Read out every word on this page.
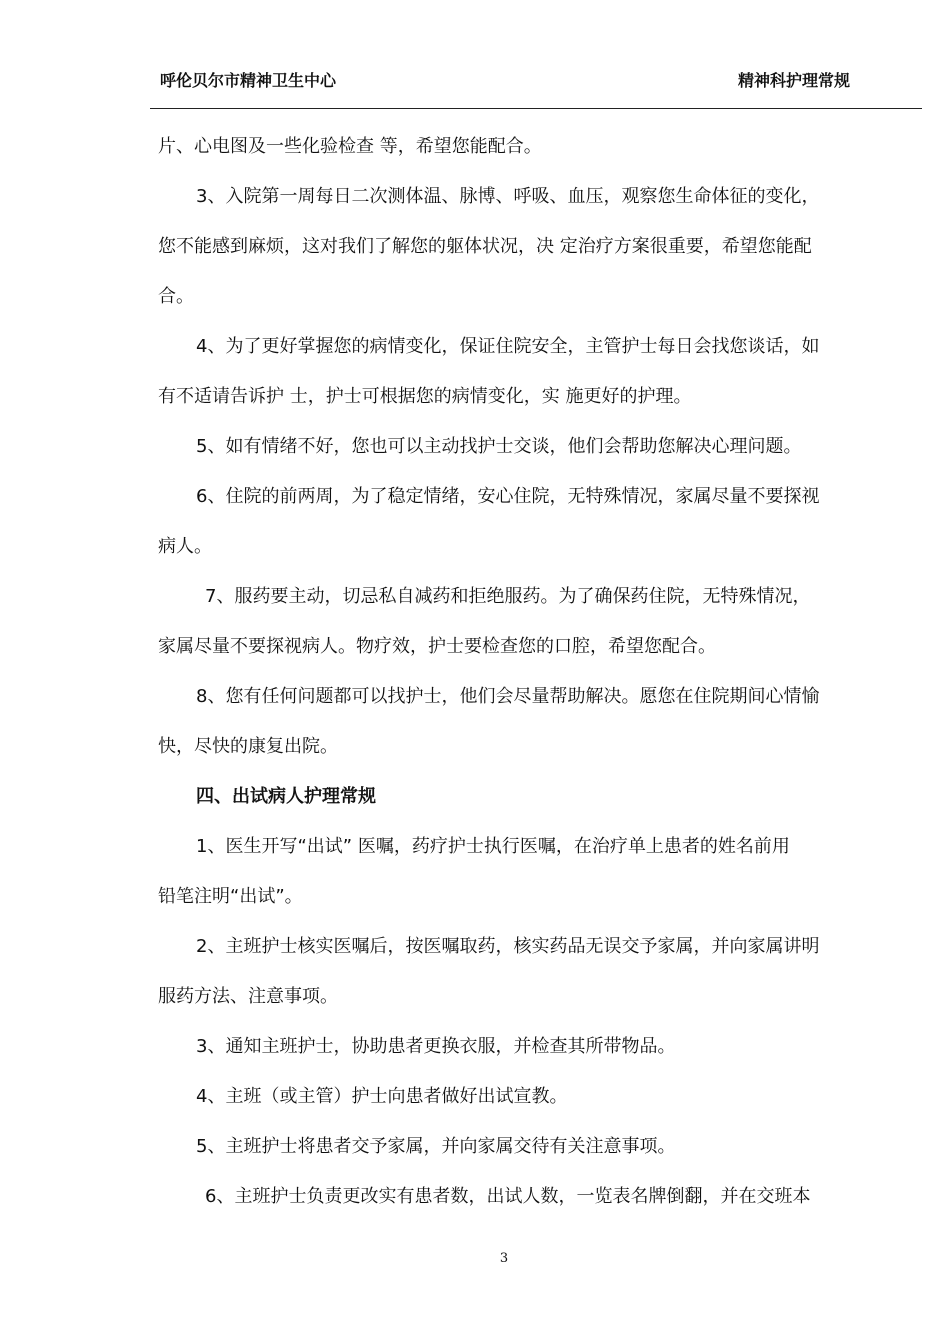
呼伦贝尔市精神卫生中心	精神科护理常规
片、心电图及一些化验检查 等，希望您能配合。
3、入院第一周每日二次测体温、脉博、呼吸、血压，观察您生命体征的变化，
您不能感到麻烦，这对我们了解您的躯体状况，决 定治疗方案很重要，希望您能配
合。
4、为了更好掌握您的病情变化，保证住院安全，主管护士每日会找您谈话，如
有不适请告诉护 士，护士可根据您的病情变化，实 施更好的护理。
5、如有情绪不好，您也可以主动找护士交谈，他们会帮助您解决心理问题。
6、住院的前两周，为了稳定情绪，安心住院，无特殊情况，家属尽量不要探视
病人。
7、服药要主动，切忌私自减药和拒绝服药。为了确保药住院，无特殊情况，
家属尽量不要探视病人。物疗效，护士要检查您的口腔，希望您配合。
8、您有任何问题都可以找护士，他们会尽量帮助解决。愿您在住院期间心情愉
快，尽快的康复出院。
四、出试病人护理常规
1、医生开写“出试” 医嘱，药疗护士执行医嘱，在治疗单上患者的姓名前用
铅笔注明“出试”。
2、主班护士核实医嘱后，按医嘱取药，核实药品无误交予家属，并向家属讲明
服药方法、注意事项。
3、通知主班护士，协助患者更换衣服，并检查其所带物品。
4、主班（或主管）护士向患者做好出试宣教。
5、主班护士将患者交予家属，并向家属交待有关注意事项。
6、主班护士负责更改实有患者数，出试人数，一览表名牌倒翻，并在交班本
3
